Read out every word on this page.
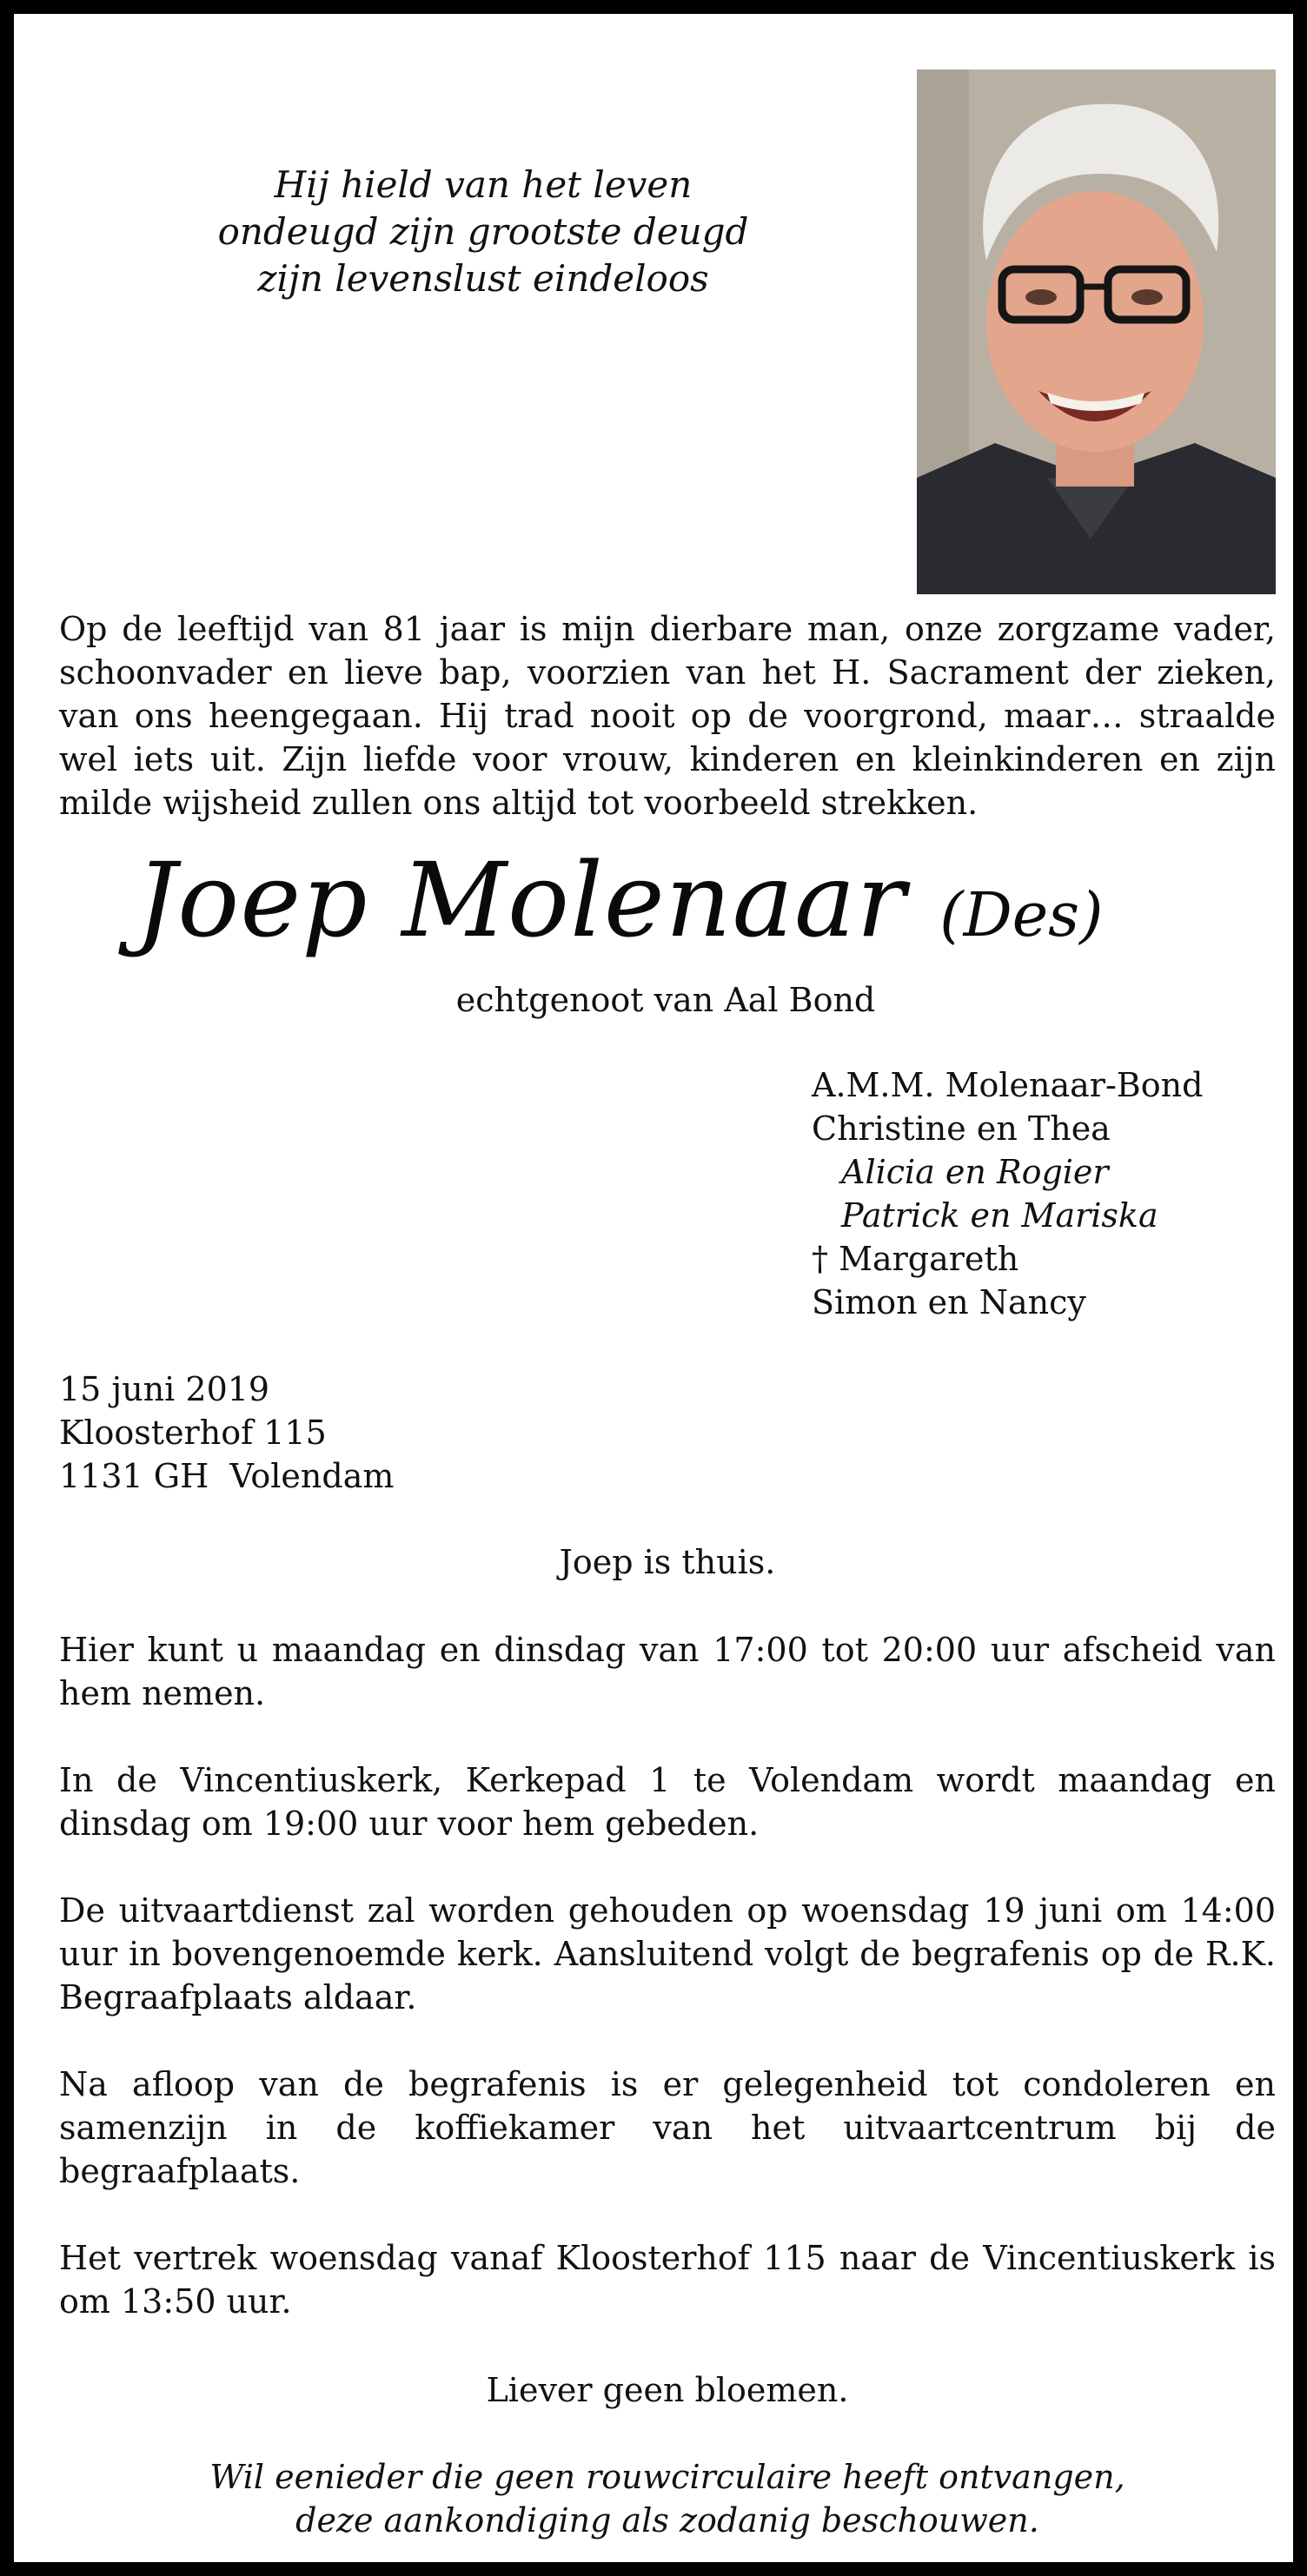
Hij hield van het leven
ondeugd zijn grootste deugd
zijn levenslust eindeloos
Op de leeftijd van 81 jaar is mijn dierbare man, onze zorgzame vader, schoonvader en lieve bap, voorzien van het H. Sacrament der zieken, van ons heengegaan. Hij trad nooit op de voorgrond, maar… straalde wel iets uit. Zijn liefde voor vrouw, kinderen en kleinkinderen en zijn milde wijsheid zullen ons altijd tot voorbeeld strekken.
Joep Molenaar (Des)
echtgenoot van Aal Bond
A.M.M. Molenaar-Bond
Christine en Thea
Alicia en Rogier
Patrick en Mariska
† Margareth
Simon en Nancy
15 juni 2019
Kloosterhof 115
1131 GH  Volendam
Joep is thuis.
Hier kunt u maandag en dinsdag van 17:00 tot 20:00 uur afscheid van hem nemen.
In de Vincentiuskerk, Kerkepad 1 te Volendam wordt maandag en dinsdag om 19:00 uur voor hem gebeden.
De uitvaartdienst zal worden gehouden op woensdag 19 juni om 14:00 uur in bovengenoemde kerk. Aansluitend volgt de begrafenis op de R.K. Begraafplaats aldaar.
Na afloop van de begrafenis is er gelegenheid tot condoleren en samenzijn in de koffiekamer van het uitvaartcentrum bij de begraafplaats.
Het vertrek woensdag vanaf Kloosterhof 115 naar de Vincentiuskerk is om 13:50 uur.
Liever geen bloemen.
Wil eenieder die geen rouwcirculaire heeft ontvangen,
deze aankondiging als zodanig beschouwen.
